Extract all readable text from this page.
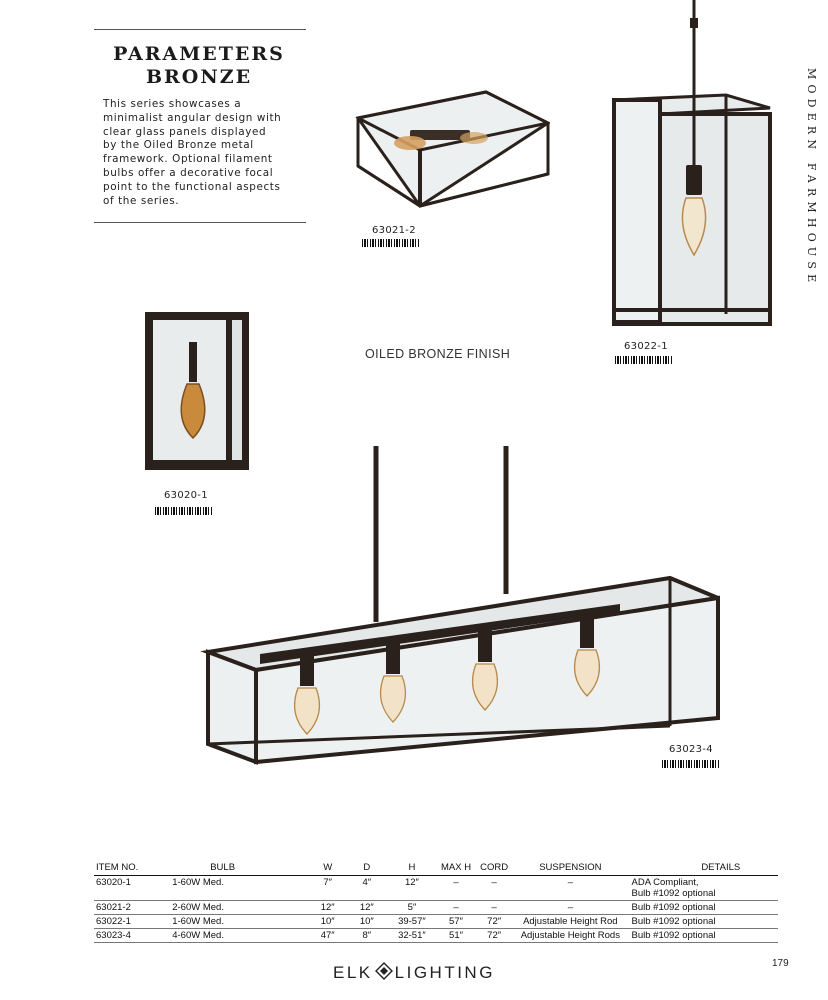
PARAMETERS
BRONZE
This series showcases a
minimalist angular design with
clear glass panels displayed
by the Oiled Bronze metal
framework. Optional filament
bulbs offer a decorative focal
point to the functional aspects
of the series.	MODERN FARMHOUSE
63021-2
63022-1
63020-1
OILED BRONZE FINISH
63023-4
ITEM NO.	BULB	W	D	H	MAX H	CORD	SUSPENSION	DETAILS
63020-1	1-60W Med.	7″	4″	12″	–	–	–	ADA Compliant,
Bulb #1092 optional
63021-2	2-60W Med.	12″	12″	5″	–	–	–	Bulb #1092 optional
63022-1	1-60W Med.	10″	10″	39-57″	57″	72″	Adjustable Height Rod	Bulb #1092 optional
63023-4	4-60W Med.	47″	8″	32-51″	51″	72″	Adjustable Height Rods	Bulb #1092 optional
ELK LIGHTING	179
